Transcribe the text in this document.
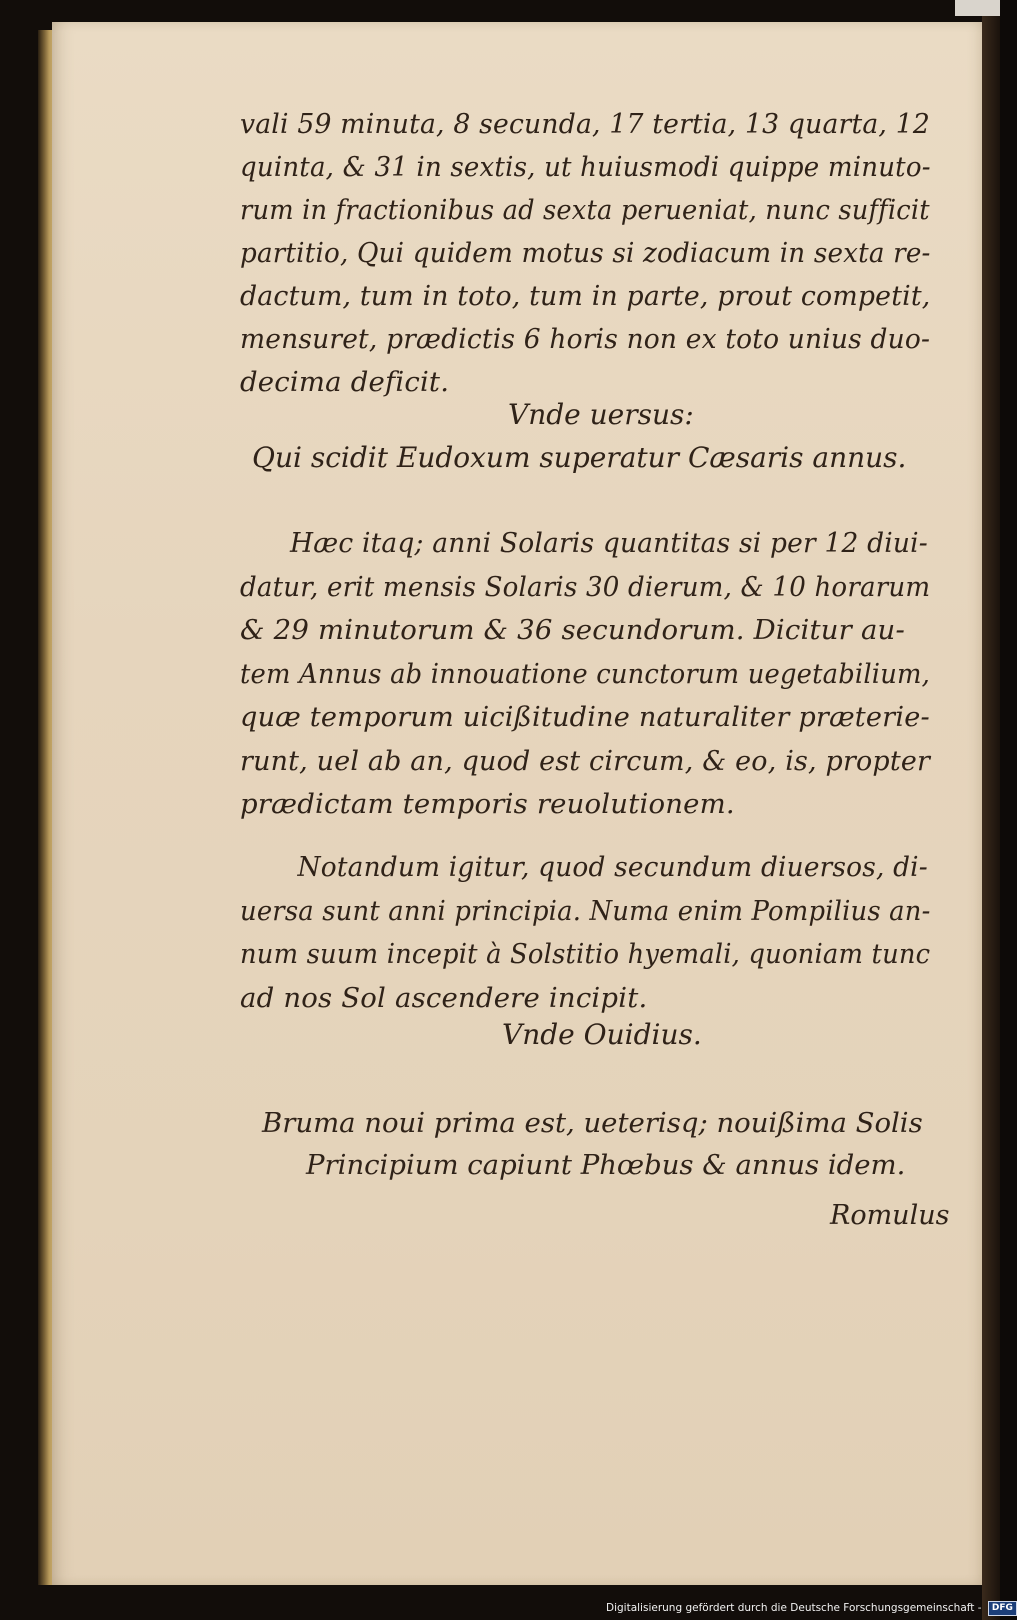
vali 59 minuta, 8 secunda, 17 tertia, 13 quarta, 12
quinta, & 31 in sextis, ut huiusmodi quippe minuto-
rum in fractionibus ad sexta perueniat, nunc sufficit
partitio, Qui quidem motus si zodiacum in sexta re-
dactum, tum in toto, tum in parte, prout competit,
mensuret, prædictis 6 horis non ex toto unius duo-
decima deficit.
Vnde uersus:
Qui scidit Eudoxum superatur Cæsaris annus.
Hæc itaq; anni Solaris quantitas si per 12 diui-
datur, erit mensis Solaris 30 dierum, & 10 horarum
& 29 minutorum & 36 secundorum. Dicitur au-
tem Annus ab innouatione cunctorum uegetabilium,
quæ temporum uicißitudine naturaliter præterie-
runt, uel ab an, quod est circum, & eo, is, propter
prædictam temporis reuolutionem.
Notandum igitur, quod secundum diuersos, di-
uersa sunt anni principia. Numa enim Pompilius an-
num suum incepit à Solstitio hyemali, quoniam tunc
ad nos Sol ascendere incipit.
Vnde Ouidius.
Bruma noui prima est, ueterisq; nouißima Solis
Principium capiunt Phœbus & annus idem.
Romulus
Digitalisierung gefördert durch die Deutsche Forschungsgemeinschaft - DFG
